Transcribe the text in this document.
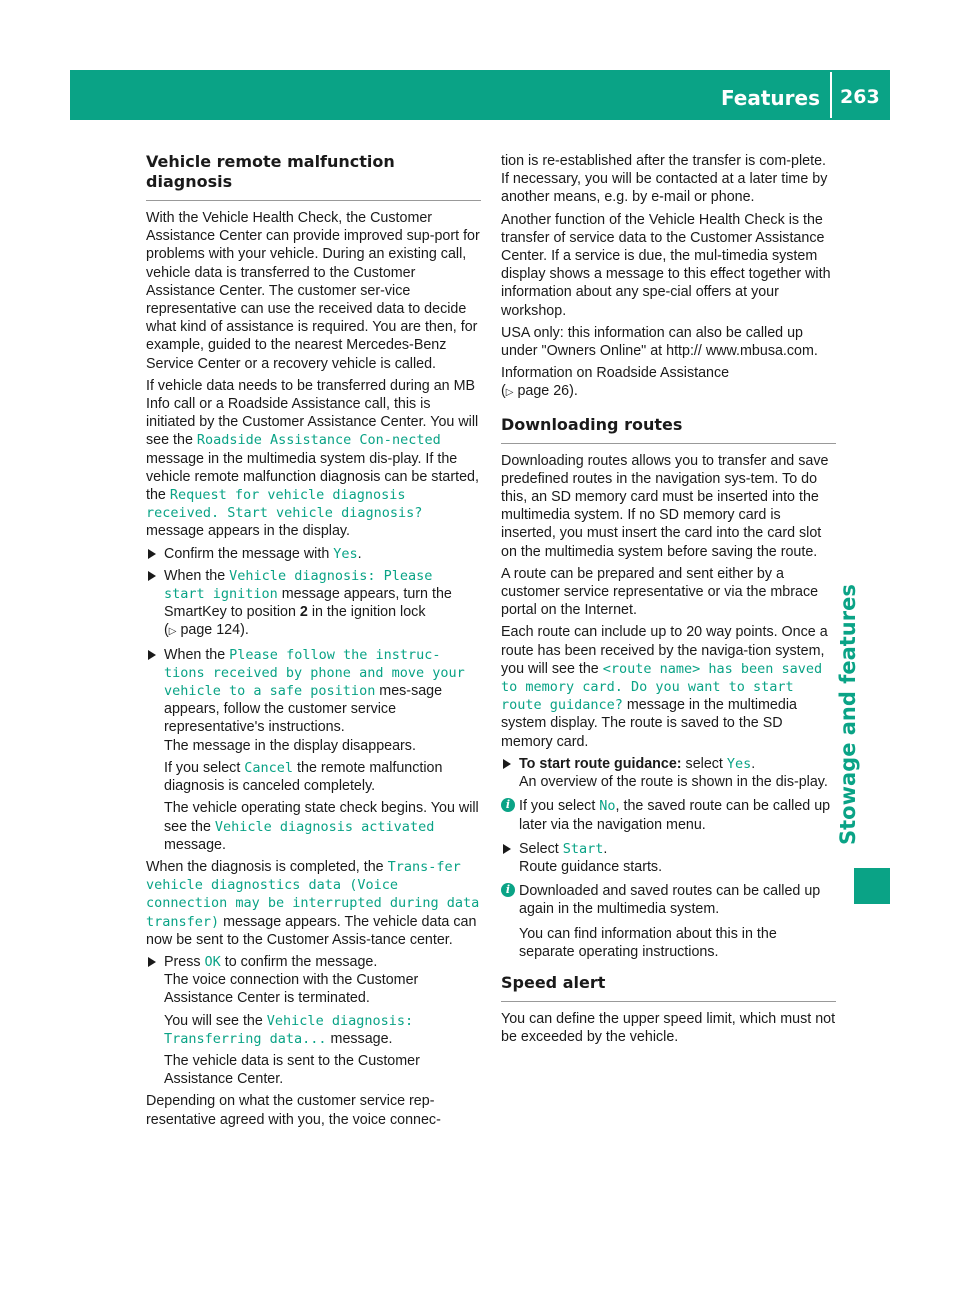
Features	263
Stowage and features
Vehicle remote malfunction diagnosis

With the Vehicle Health Check, the Customer Assistance Center can provide improved sup-port for problems with your vehicle. During an existing call, vehicle data is transferred to the Customer Assistance Center. The customer ser-vice representative can use the received data to decide what kind of assistance is required. You are then, for example, guided to the nearest Mercedes-Benz Service Center or a recovery vehicle is called.

If vehicle data needs to be transferred during an MB Info call or a Roadside Assistance call, this is initiated by the Customer Assistance Center. You will see the Roadside Assistance Con‐nected message in the multimedia system dis-play. If the vehicle remote malfunction diagnosis can be started, the Request for vehicle diagnosis received. Start vehicle diagnosis? message appears in the display.

Confirm the message with Yes.
When the Vehicle diagnosis: Please start ignition message appears, turn the SmartKey to position 2 in the ignition lock
(▷ page 124).
When the Please follow the instruc‐tions received by phone and move your vehicle to a safe position mes-sage appears, follow the customer service representative's instructions.
The message in the display disappears.
If you select Cancel the remote malfunction diagnosis is canceled completely.
The vehicle operating state check begins. You will see the Vehicle diagnosis activated message.

When the diagnosis is completed, the Trans‐fer vehicle diagnostics data (Voice connection may be interrupted during data transfer) message appears. The vehicle data can now be sent to the Customer Assis-tance center.

Press OK to confirm the message.
The voice connection with the Customer Assistance Center is terminated.
You will see the Vehicle diagnosis: Transferring data... message.
The vehicle data is sent to the Customer Assistance Center.

Depending on what the customer service rep-resentative agreed with you, the voice connec-

tion is re-established after the transfer is com-plete. If necessary, you will be contacted at a later time by another means, e.g. by e-mail or phone.

Another function of the Vehicle Health Check is the transfer of service data to the Customer Assistance Center. If a service is due, the mul-timedia system display shows a message to this effect together with information about any spe-cial offers at your workshop.

USA only: this information can also be called up under "Owners Online" at http:// www.mbusa.com.

Information on Roadside Assistance
(▷ page 26).

Downloading routes

Downloading routes allows you to transfer and save predefined routes in the navigation sys-tem. To do this, an SD memory card must be inserted into the multimedia system. If no SD memory card is inserted, you must insert the card into the card slot on the multimedia system before saving the route.

A route can be prepared and sent either by a customer service representative or via the mbrace portal on the Internet.

Each route can include up to 20 way points. Once a route has been received by the naviga-tion system, you will see the <route name> has been saved to memory card. Do you want to start route guidance? message in the multimedia system display. The route is saved to the SD memory card.

To start route guidance: select Yes.
An overview of the route is shown in the dis-play.
i If you select No, the saved route can be called up later via the navigation menu.
Select Start.
Route guidance starts.
i Downloaded and saved routes can be called up again in the multimedia system.
You can find information about this in the separate operating instructions.
Speed alert

You can define the upper speed limit, which must not be exceeded by the vehicle.
